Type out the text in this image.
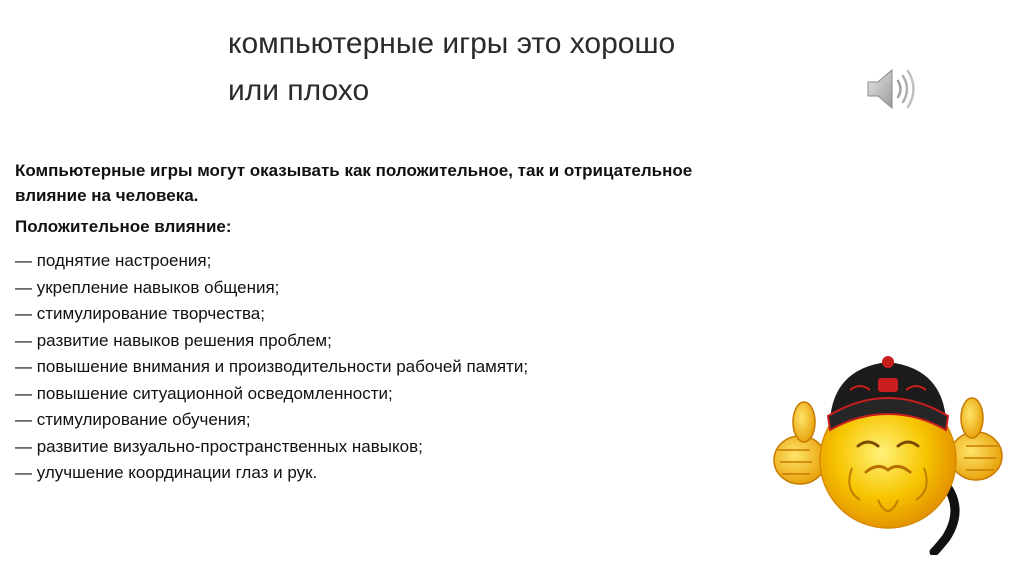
компьютерные игры это хорошо
или плохо

Компьютерные игры могут оказывать как положительное, так и отрицательное влияние на человека.

Положительное влияние:

— поднятие настроения;
— укрепление навыков общения;
— стимулирование творчества;
— развитие навыков решения проблем;
— повышение внимания и производительности рабочей памяти;
— повышение ситуационной осведомленности;
— стимулирование обучения;
— развитие визуально-пространственных навыков;
— улучшение координации глаз и рук.
